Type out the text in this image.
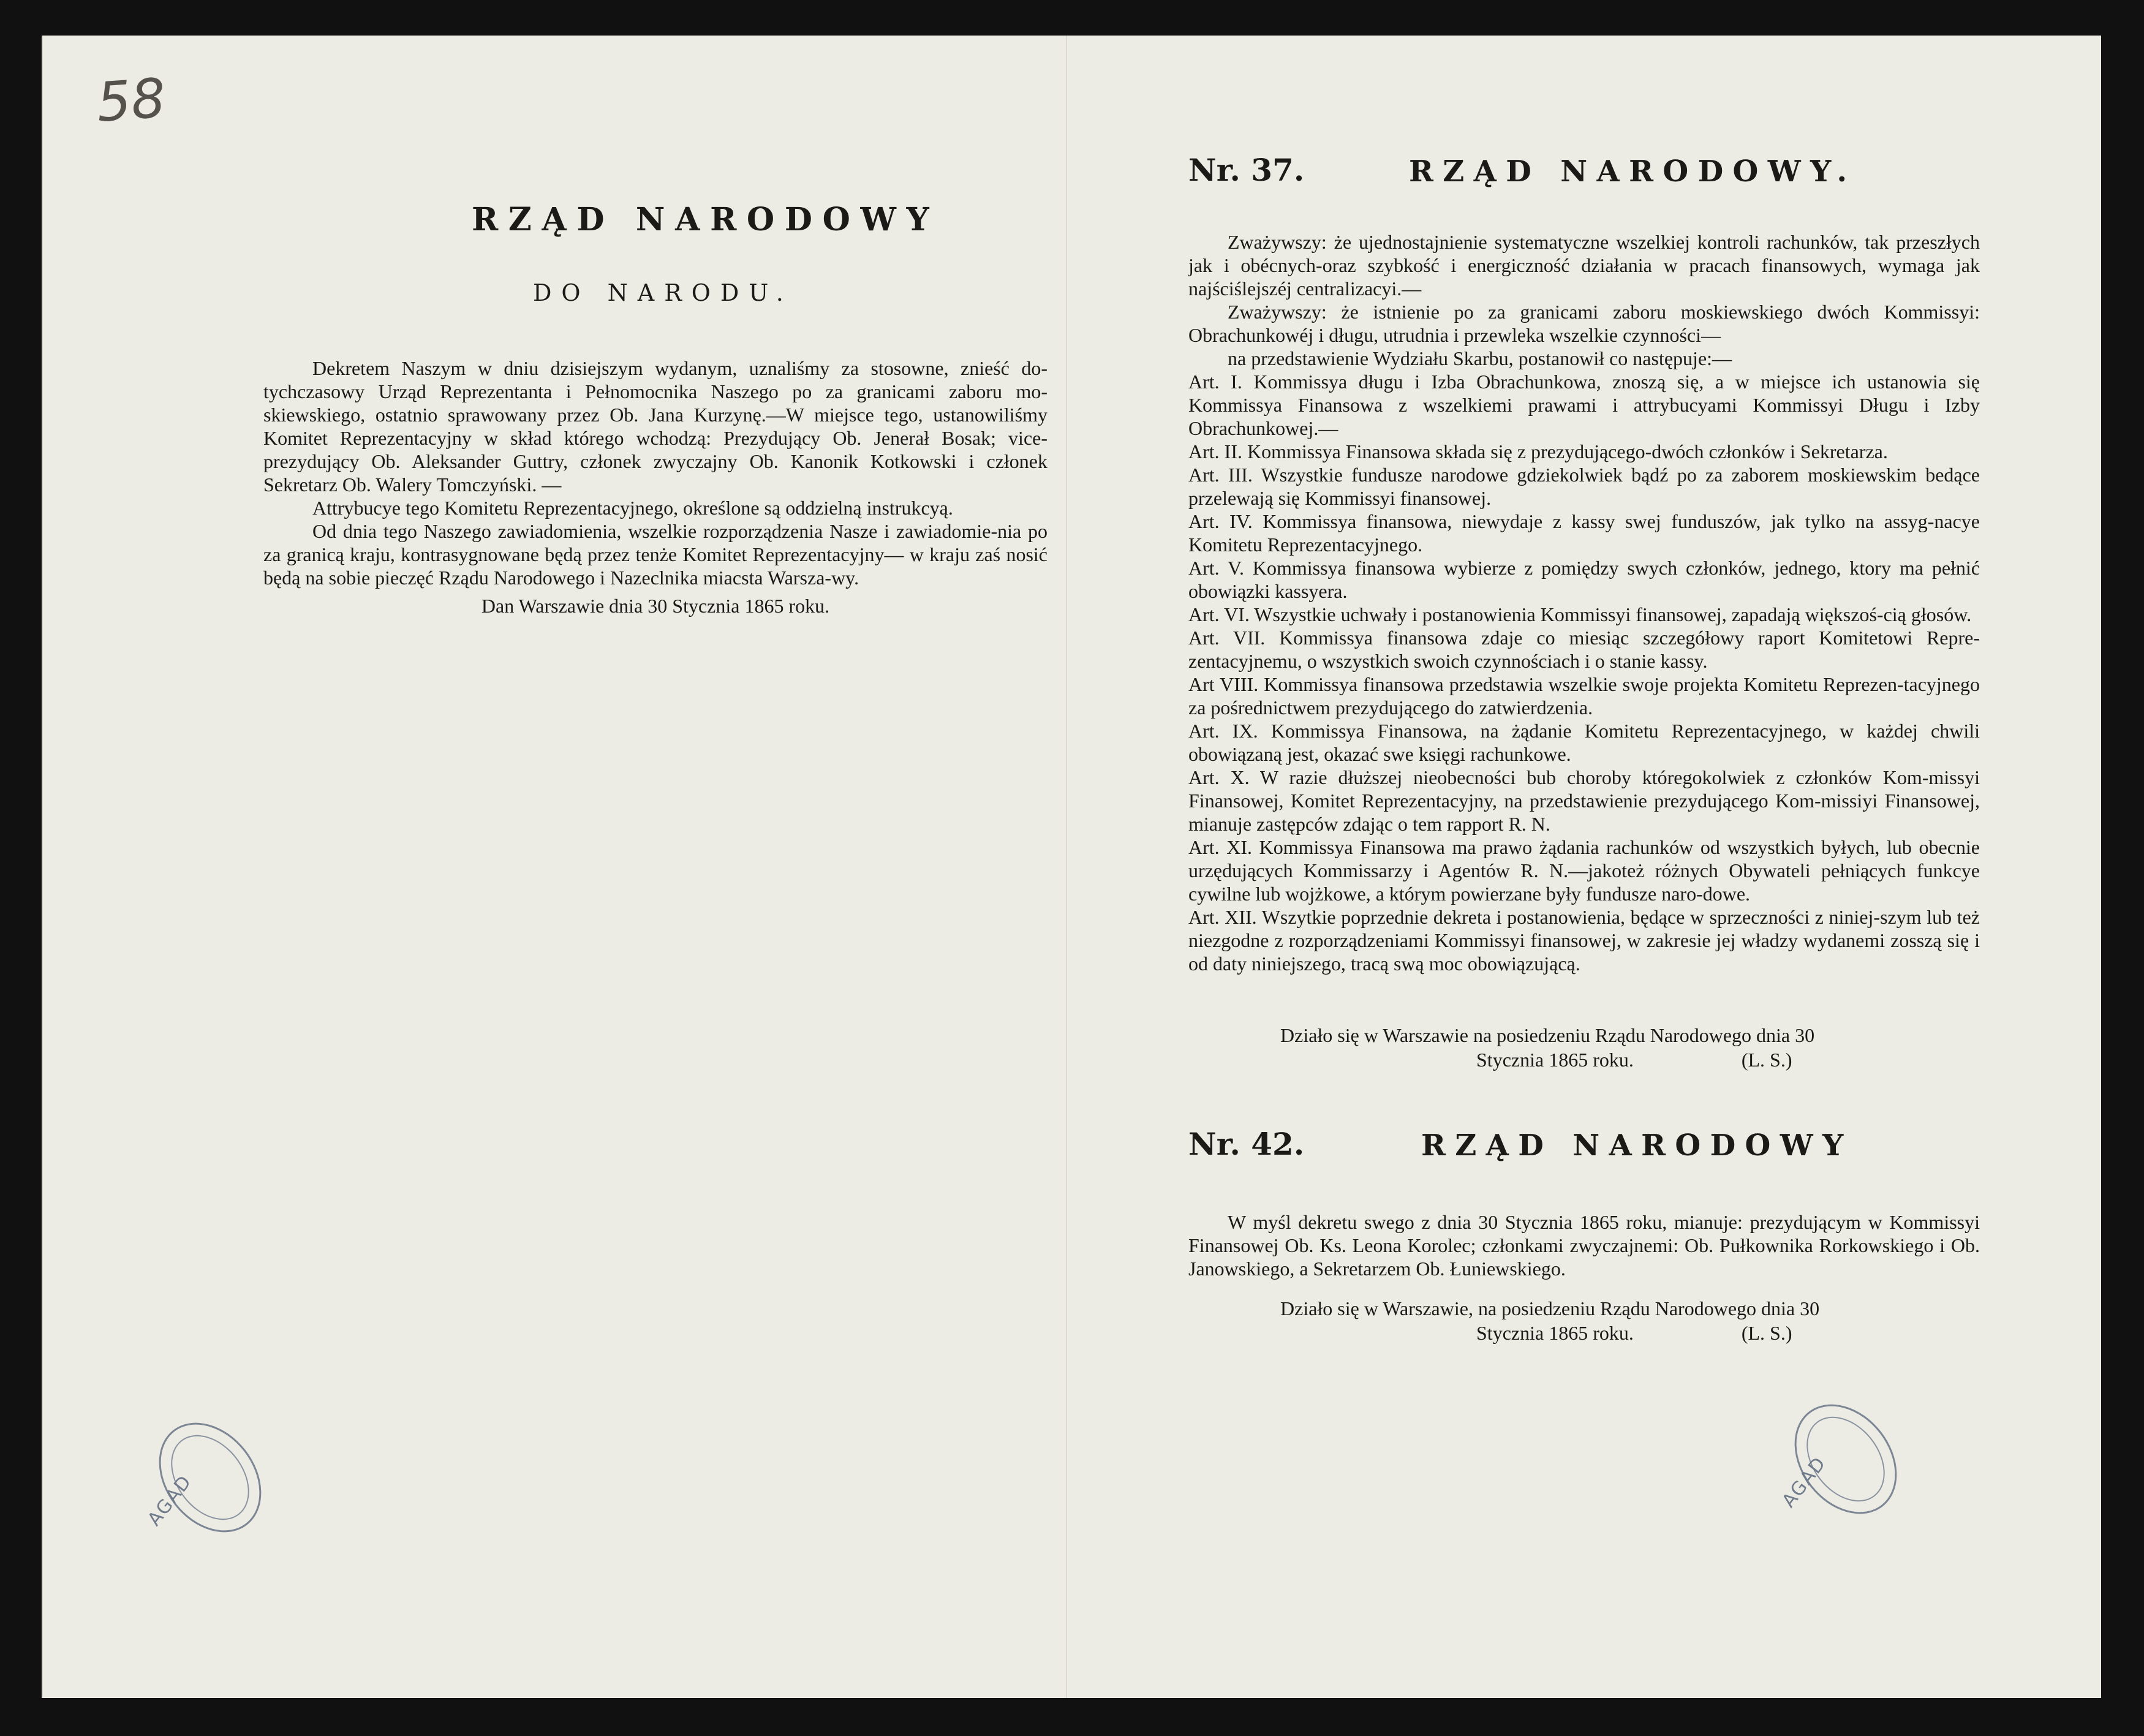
58
RZĄD NARODOWY
DO NARODU.

Dekretem Naszym w dniu dzisiejszym wydanym, uznaliśmy za stosowne, znieść do-tychczasowy Urząd Reprezentanta i Pełnomocnika Naszego po za granicami zaboru mo-skiewskiego, ostatnio sprawowany przez Ob. Jana Kurzynę.—W miejsce tego, ustanowiliśmy Komitet Reprezentacyjny w skład którego wchodzą: Prezydujący Ob. Jenerał Bosak; vice-prezydujący Ob. Aleksander Guttry, członek zwyczajny Ob. Kanonik Kotkowski i członek Sekretarz Ob. Walery Tomczyński. —

Attrybucye tego Komitetu Reprezentacyjnego, określone są oddzielną instrukcyą.

Od dnia tego Naszego zawiadomienia, wszelkie rozporządzenia Nasze i zawiadomie-nia po za granicą kraju, kontrasygnowane będą przez tenże Komitet Reprezentacyjny— w kraju zaś nosić będą na sobie pieczęć Rządu Narodowego i Nazeclnika miacsta Warsza-wy.

Dan Warszawie dnia 30 Stycznia 1865 roku.

Nr. 37.	RZĄD NARODOWY.

Zważywszy: że ujednostajnienie systematyczne wszelkiej kontroli rachunków, tak przeszłych jak i obécnych-oraz szybkość i energiczność działania w pracach finansowych, wymaga jak najściślejszéj centralizacyi.—

Zważywszy: że istnienie po za granicami zaboru moskiewskiego dwóch Kommissyi: Obrachunkowéj i długu, utrudnia i przewleka wszelkie czynności—

na przedstawienie Wydziału Skarbu, postanowił co następuje:—

Art. I. Kommissya długu i Izba Obrachunkowa, znoszą się, a w miejsce ich ustanowia się Kommissya Finansowa z wszelkiemi prawami i attrybucyami Kommissyi Długu i Izby Obrachunkowej.—

Art. II. Kommissya Finansowa składa się z prezydującego-dwóch członków i Sekretarza.

Art. III. Wszystkie fundusze narodowe gdziekolwiek bądź po za zaborem moskiewskim bedące przelewają się Kommissyi finansowej.

Art. IV. Kommissya finansowa, niewydaje z kassy swej funduszów, jak tylko na assyg-nacye Komitetu Reprezentacyjnego.

Art. V. Kommissya finansowa wybierze z pomiędzy swych członków, jednego, ktory ma pełnić obowiązki kassyera.

Art. VI. Wszystkie uchwały i postanowienia Kommissyi finansowej, zapadają większoś-cią głosów.

Art. VII. Kommissya finansowa zdaje co miesiąc szczegółowy raport Komitetowi Repre-zentacyjnemu, o wszystkich swoich czynnościach i o stanie kassy.

Art VIII. Kommissya finansowa przedstawia wszelkie swoje projekta Komitetu Reprezen-tacyjnego za pośrednictwem prezydującego do zatwierdzenia.

Art. IX. Kommissya Finansowa, na żądanie Komitetu Reprezentacyjnego, w każdej chwili obowiązaną jest, okazać swe księgi rachunkowe.

Art. X. W razie dłuższej nieobecności bub choroby któregokolwiek z członków Kom-missyi Finansowej, Komitet Reprezentacyjny, na przedstawienie prezydującego Kom-missiyi Finansowej, mianuje zastępców zdając o tem rapport R. N.

Art. XI. Kommissya Finansowa ma prawo żądania rachunków od wszystkich byłych, lub obecnie urzędujących Kommissarzy i Agentów R. N.—jakoteż różnych Obywateli pełniących funkcye cywilne lub wojżkowe, a którym powierzane były fundusze naro-dowe.

Art. XII. Wszytkie poprzednie dekreta i postanowienia, będące w sprzeczności z niniej-szym lub też niezgodne z rozporządzeniami Kommissyi finansowej, w zakresie jej władzy wydanemi zosszą się i od daty niniejszego, tracą swą moc obowiązującą.

Działo się w Warszawie na posiedzeniu Rządu Narodowego dnia 30
Stycznia 1865 roku.	(L. S.)
Nr. 42.	RZĄD NARODOWY

W myśl dekretu swego z dnia 30 Stycznia 1865 roku, mianuje: prezydującym w Kommissyi Finansowej Ob. Ks. Leona Korolec; członkami zwyczajnemi: Ob. Pułkownika Rorkowskiego i Ob. Janowskiego, a Sekretarzem Ob. Łuniewskiego.

Działo się w Warszawie, na posiedzeniu Rządu Narodowego dnia 30
Stycznia 1865 roku.	(L. S.)
AGAD	AGAD
